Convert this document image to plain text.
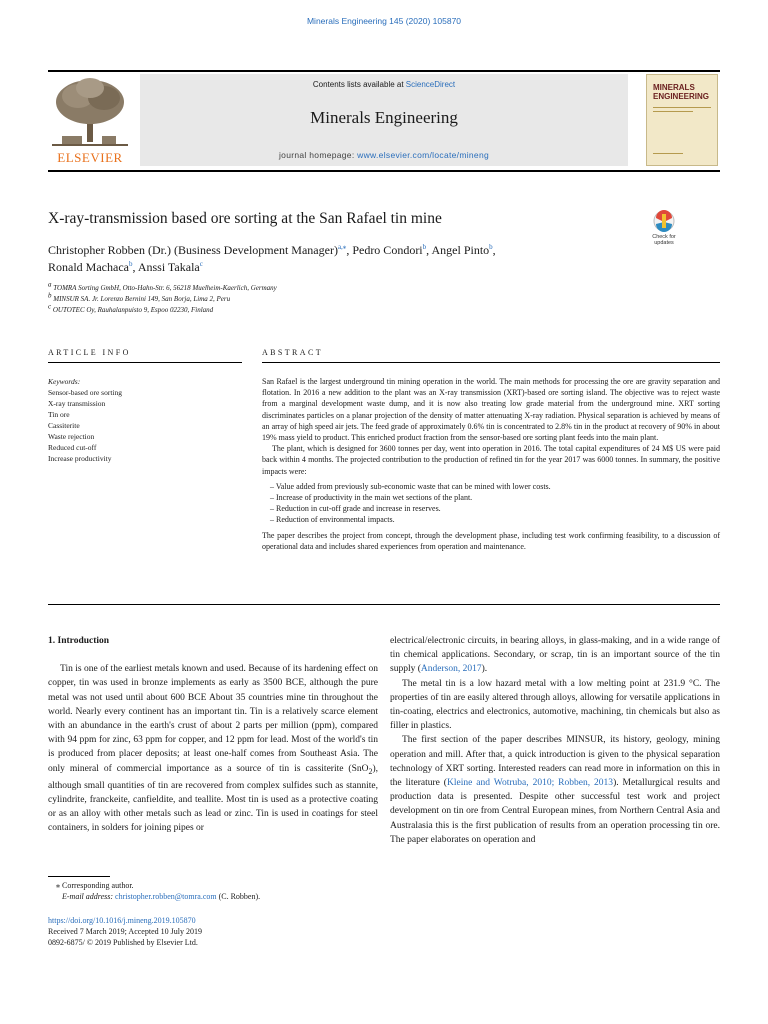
Minerals Engineering 145 (2020) 105870
ELSEVIER
Contents lists available at ScienceDirect
Minerals Engineering
journal homepage: www.elsevier.com/locate/mineng
MINERALS
ENGINEERING
X-ray-transmission based ore sorting at the San Rafael tin mine
Check for updates
Christopher Robben (Dr.) (Business Development Manager)$^{a,⁎}$, Pedro Condori$^b$, Angel Pinto$^b$,
Ronald Machaca$^b$, Anssi Takala$^c$
$^a$ TOMRA Sorting GmbH, Otto-Hahn-Str. 6, 56218 Muelheim-Kaerlich, Germany
$^b$ MINSUR SA. Jr. Lorenzo Bernini 149, San Borja, Lima 2, Peru
$^c$ OUTOTEC Oy, Rauhalanpuisto 9, Espoo 02230, Finland
ARTICLE INFO	ABSTRACT
Keywords:
Sensor-based ore sorting
X-ray transmission
Tin ore
Cassiterite
Waste rejection
Reduced cut-off
Increase productivity

San Rafael is the largest underground tin mining operation in the world. The main methods for processing the ore are gravity separation and flotation. In 2016 a new addition to the plant was an X-ray transmission (XRT)-based ore sorting island. The objective was to reject waste from a marginal development waste dump, and it is now also treating low grade material from the underground mine. XRT sorting discriminates particles on a planar projection of the density of matter attenuating X-ray radiation. Physical separation is achieved by means of an array of high speed air jets. The feed grade of approximately 0.6% tin is concentrated to 2.8% tin in the product at recovery of 90% in about 19% mass yield to product. This enriched product fraction from the sensor-based ore sorting plant feeds into the main plant.

The plant, which is designed for 3600 tonnes per day, went into operation in 2016. The total capital expenditures of 24 M$ US were paid back within 4 months. The projected contribution to the production of refined tin for the year 2017 was 6000 tonnes. In summary, the positive impacts were:

– Value added from previously sub-economic waste that can be mined with lower costs.
– Increase of productivity in the main wet sections of the plant.
– Reduction in cut-off grade and increase in reserves.
– Reduction of environmental impacts.

The paper describes the project from concept, through the development phase, including test work confirming feasibility, to a discussion of operational data and includes shared experiences from operation and maintenance.

1. Introduction

Tin is one of the earliest metals known and used. Because of its hardening effect on copper, tin was used in bronze implements as early as 3500 BCE, although the pure metal was not used until about 600 BCE About 35 countries mine tin throughout the world. Nearly every continent has an important tin. Tin is a relatively scarce element with an abundance in the earth's crust of about 2 parts per million (ppm), compared with 94 ppm for zinc, 63 ppm for copper, and 12 ppm for lead. Most of the world's tin is produced from placer deposits; at least one-half comes from Southeast Asia. The only mineral of commercial importance as a source of tin is cassiterite (SnO$_2$), although small quantities of tin are recovered from complex sulfides such as stannite, cylindrite, franckeite, canfieldite, and teallite. Most tin is used as a protective coating or as an alloy with other metals such as lead or zinc. Tin is used in coatings for steel containers, in solders for joining pipes or

electrical/electronic circuits, in bearing alloys, in glass-making, and in a wide range of tin chemical applications. Secondary, or scrap, tin is an important source of the tin supply (Anderson, 2017).

The metal tin is a low hazard metal with a low melting point at 231.9 °C. The properties of tin are easily altered through alloys, allowing for versatile applications in tin-coating, electrics and electronics, automotive, machining, tin chemicals but also as filler in plastics.

The first section of the paper describes MINSUR, its history, geology, mining operation and mill. After that, a quick introduction is given to the physical separation technology of XRT sorting. Interested readers can read more in information on this in the literature (Kleine and Wotruba, 2010; Robben, 2013). Metallurgical results and production data is presented. Despite other successful test work and project development on tin ore from Central European mines, from Northern Central Asia and Australasia this is the first publication of results from an operation processing tin ore. The paper elaborates on operation and

⁎ Corresponding author.
E-mail address: christopher.robben@tomra.com (C. Robben).
https://doi.org/10.1016/j.mineng.2019.105870
Received 7 March 2019; Accepted 10 July 2019
0892-6875/ © 2019 Published by Elsevier Ltd.
